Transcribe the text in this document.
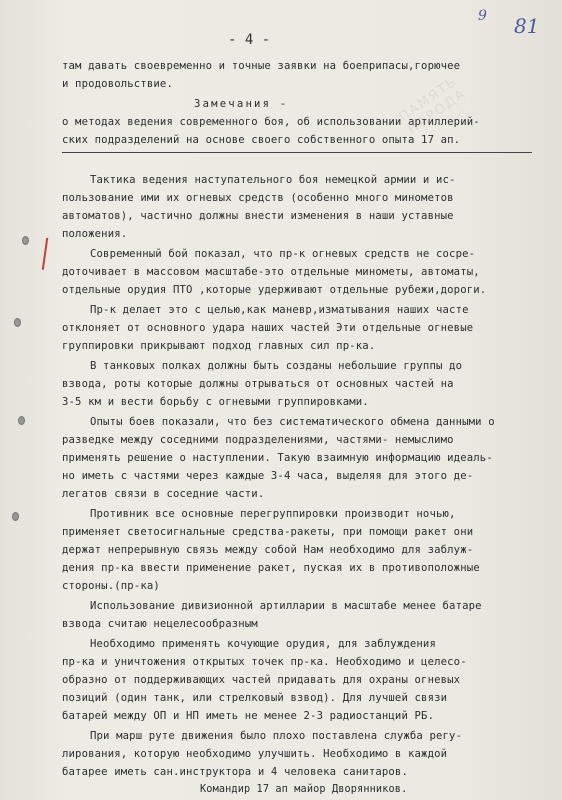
ПАМЯТЬ НАРОДА
- 4 -
9 81
там давать своевременно и точные заявки на боеприпасы,горючее
и продовольствие.
Замечания -
о методах ведения современного боя, об использовании артиллерий-
ских подразделений на основе своего собственного опыта 17 ап.
Тактика ведения наступательного боя немецкой армии и ис-
пользование ими их огневых средств (особенно много минометов
автоматов), частично должны внести изменения в наши уставные
положения.
Современный бой показал, что пр-к огневых средств не сосре-
доточивает в массовом масштабе-это отдельные минометы, автоматы,
отдельные орудия ПТО ,которые удерживают отдельные рубежи,дороги.
Пр-к делает это с целью,как маневр,изматывания наших часте
отклоняет от основного удара наших частей Эти отдельные огневые
группировки прикрывают подход главных сил пр-ка.
В танковых полках должны быть созданы небольшие группы до
взвода, роты которые должны отрываться от основных частей на
3-5 км и вести борьбу с огневыми группировками.
Опыты боев показали, что без систематического обмена данными о
разведке между соседними подразделениями, частями- немыслимо
применять решение о наступлении. Такую взаимную информацию идеаль-
но иметь с частями через каждые 3-4 часа, выделяя для этого де-
легатов связи в соседние части.
Противник все основные перегруппировки производит ночью,
применяет светосигнальные средства-ракеты, при помощи ракет они
держат непрерывную связь между собой Нам необходимо для заблуж-
дения пр-ка ввести применение ракет, пуская их в противоположные
стороны.(пр-ка)
Использование дивизионной артилларии в масштабе менее батаре
взвода считаю нецелесообразным
Необходимо применять кочующие орудия, для заблуждения
пр-ка и уничтожения открытых точек пр-ка. Необходимо и целесо-
образно от поддерживающих частей придавать для охраны огневых
позиций (один танк, или стрелковый взвод). Для лучшей связи
батарей между ОП и НП иметь не менее 2-3 радиостанций РБ.
При марш руте движения было плохо поставлена служба регу-
лирования, которую необходимо улучшить. Необходимо в каждой
батарее иметь сан.инструктора и 4 человека санитаров.
Командир 17 ап майор Дворянников.
